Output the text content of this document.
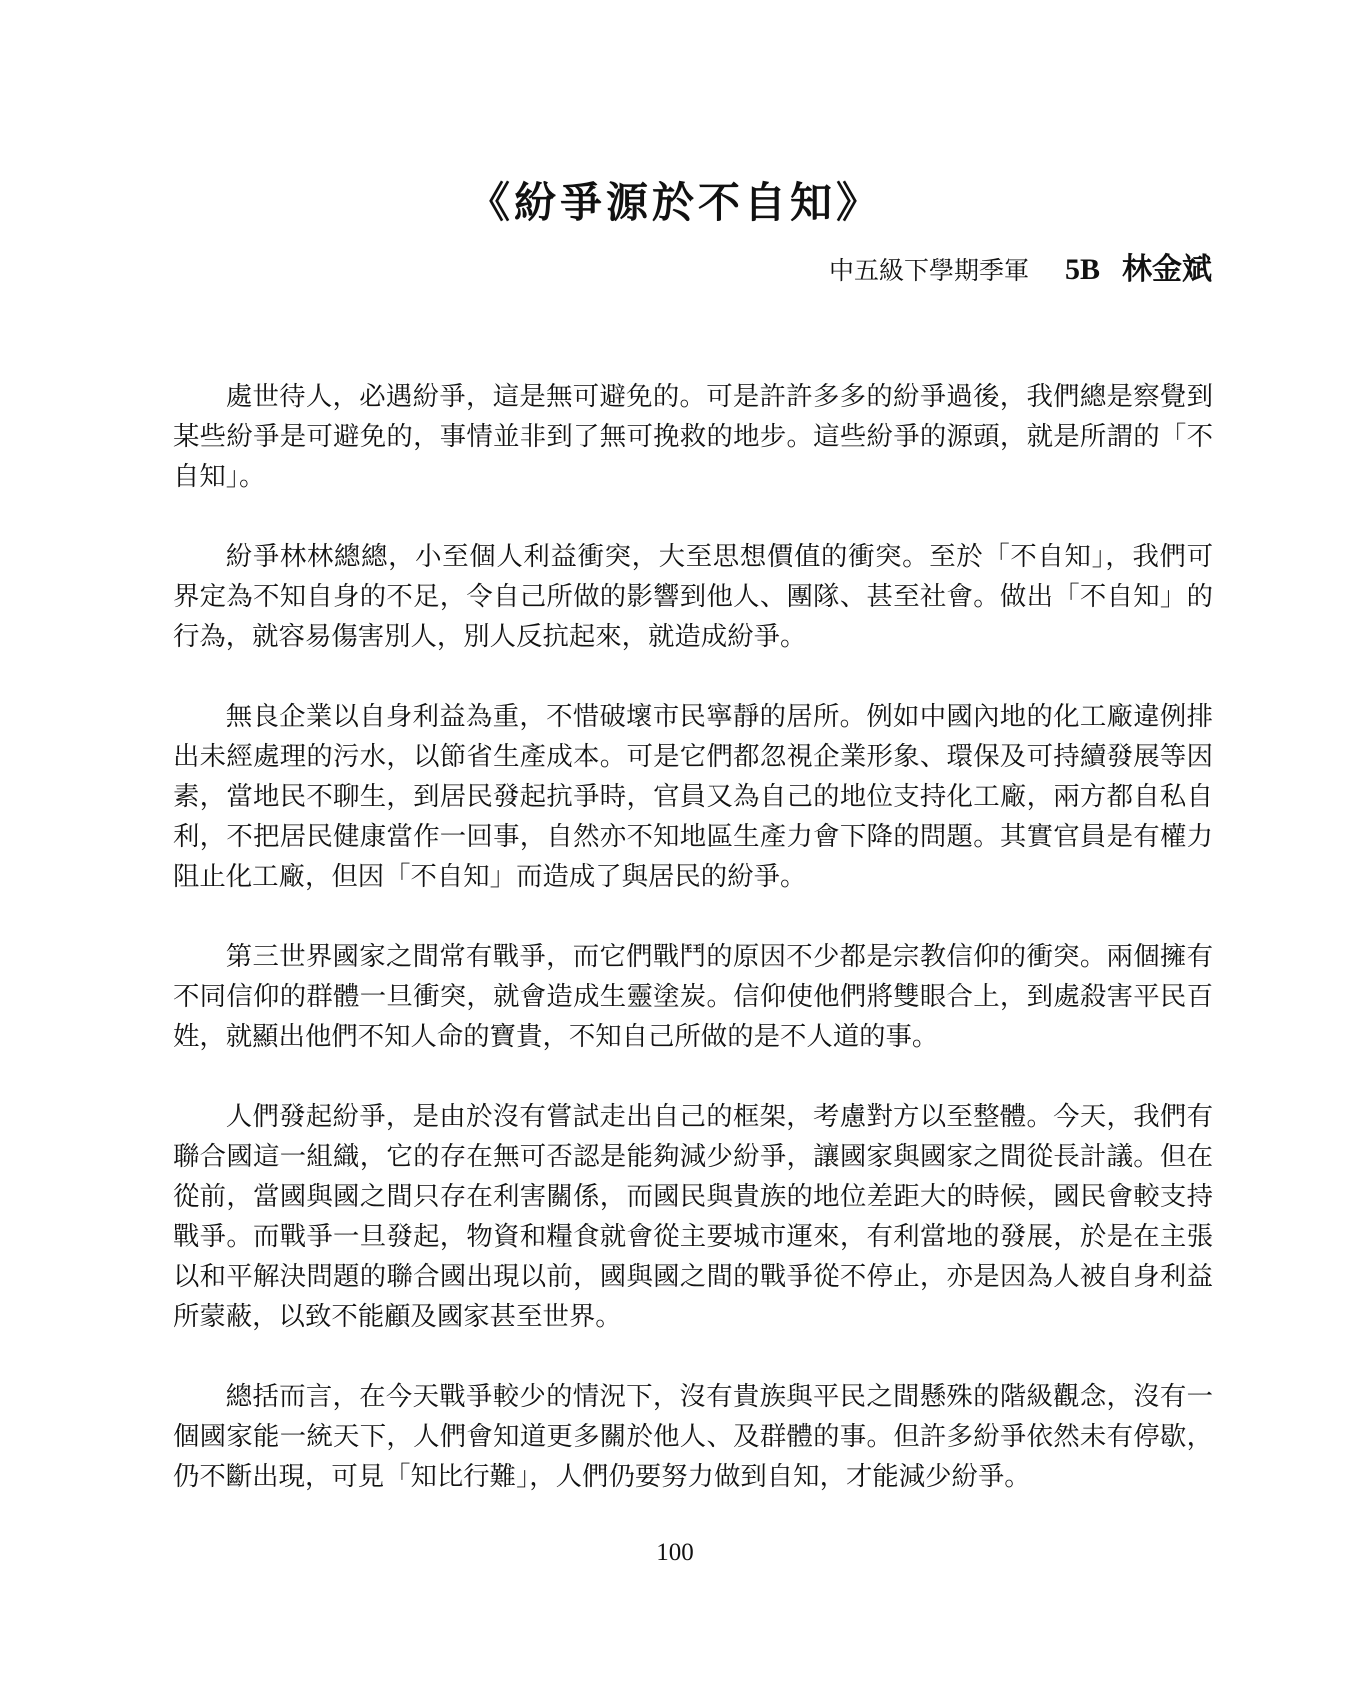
《紛爭源於不自知》
中五級下學期季軍 5B 林金斌

處世待人，必遇紛爭，這是無可避免的。可是許許多多的紛爭過後，我們總是察覺到某些紛爭是可避免的，事情並非到了無可挽救的地步。這些紛爭的源頭，就是所謂的「不自知」。

紛爭林林總總，小至個人利益衝突，大至思想價值的衝突。至於「不自知」，我們可界定為不知自身的不足，令自己所做的影響到他人、團隊、甚至社會。做出「不自知」的行為，就容易傷害別人，別人反抗起來，就造成紛爭。

無良企業以自身利益為重，不惜破壞市民寧靜的居所。例如中國內地的化工廠違例排出未經處理的污水，以節省生產成本。可是它們都忽視企業形象、環保及可持續發展等因素，當地民不聊生，到居民發起抗爭時，官員又為自己的地位支持化工廠，兩方都自私自利，不把居民健康當作一回事，自然亦不知地區生產力會下降的問題。其實官員是有權力阻止化工廠，但因「不自知」而造成了與居民的紛爭。

第三世界國家之間常有戰爭，而它們戰鬥的原因不少都是宗教信仰的衝突。兩個擁有不同信仰的群體一旦衝突，就會造成生靈塗炭。信仰使他們將雙眼合上，到處殺害平民百姓，就顯出他們不知人命的寶貴，不知自己所做的是不人道的事。

人們發起紛爭，是由於沒有嘗試走出自己的框架，考慮對方以至整體。今天，我們有聯合國這一組織，它的存在無可否認是能夠減少紛爭，讓國家與國家之間從長計議。但在從前，當國與國之間只存在利害關係，而國民與貴族的地位差距大的時候，國民會較支持戰爭。而戰爭一旦發起，物資和糧食就會從主要城市運來，有利當地的發展，於是在主張以和平解決問題的聯合國出現以前，國與國之間的戰爭從不停止，亦是因為人被自身利益所蒙蔽，以致不能顧及國家甚至世界。

總括而言，在今天戰爭較少的情況下，沒有貴族與平民之間懸殊的階級觀念，沒有一個國家能一統天下，人們會知道更多關於他人、及群體的事。但許多紛爭依然未有停歇，仍不斷出現，可見「知比行難」，人們仍要努力做到自知，才能減少紛爭。

100
